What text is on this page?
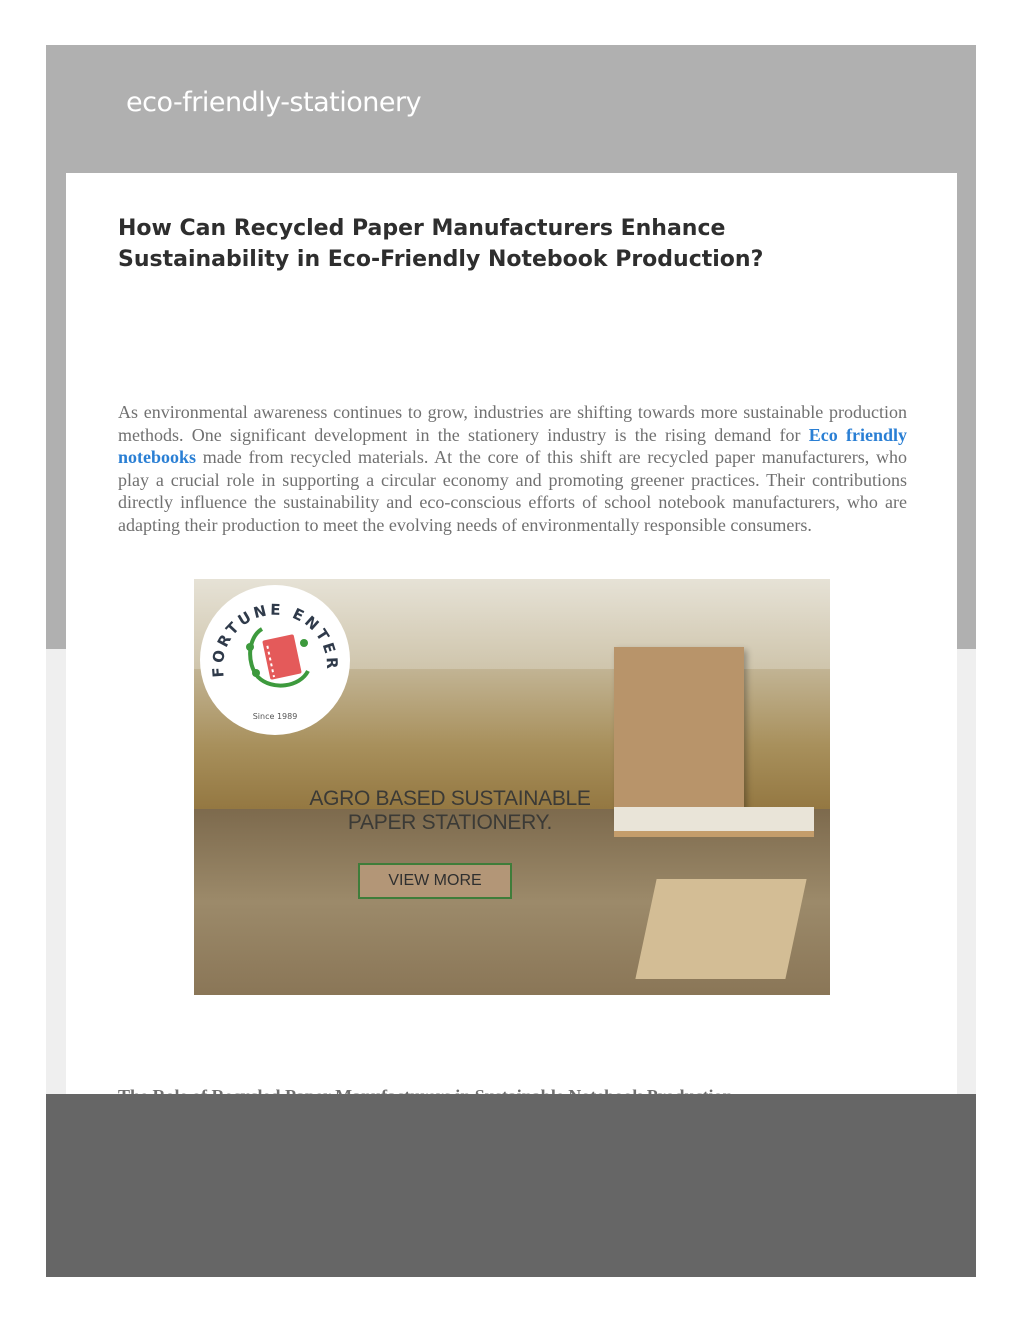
eco-friendly-stationery
How Can Recycled Paper Manufacturers Enhance Sustainability in Eco-Friendly Notebook Production?

As environmental awareness continues to grow, industries are shifting towards more sustainable production methods. One significant development in the stationery industry is the rising demand for Eco friendly notebooks made from recycled materials. At the core of this shift are recycled paper manufacturers, who play a crucial role in supporting a circular economy and promoting greener practices. Their contributions directly influence the sustainability and eco-conscious efforts of school notebook manufacturers, who are adapting their production to meet the evolving needs of environmentally responsible consumers.

FORTUNE ENTER
Since 1989
AGRO BASED SUSTAINABLE
PAPER STATIONERY.
VIEW MORE
